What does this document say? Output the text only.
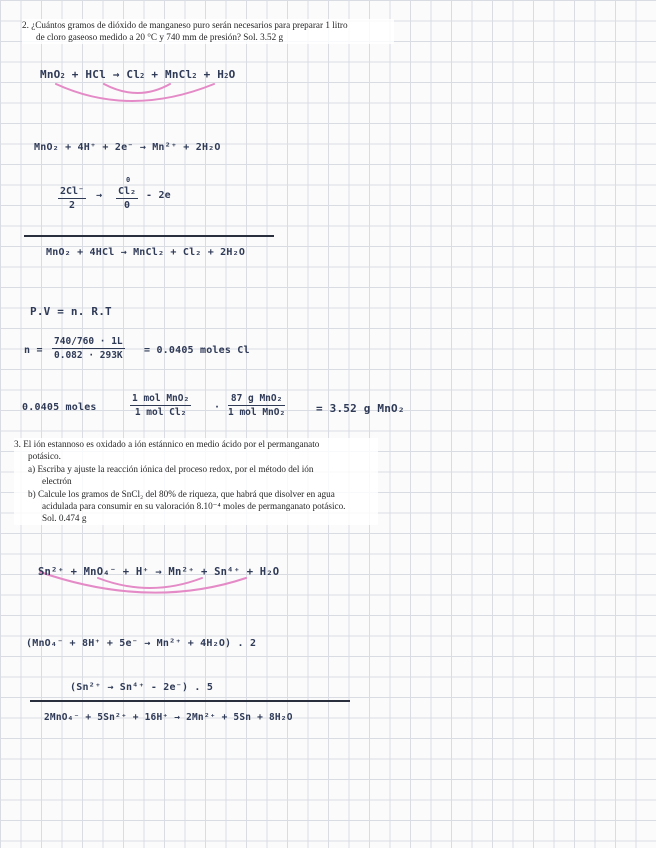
2. ¿Cuántos gramos de dióxido de manganeso puro serán necesarios para preparar 1 litro
de cloro gaseoso medido a 20 °C y 740 mm de presión? Sol. 3.52 g
MnO$_2$ + HCl → $Cl_2$ + MnCl$_2$ + $H_2O$
MnO₂ + 4H⁺ + 2e⁻ → Mn²⁺ + 2H₂O
$\frac{2Cl^-}{2}$ →
0
$\frac{\text{Cl₂}}{0} - 2e$
MnO₂ + 4HCl → MnCl₂ + Cl₂ + 2H₂O
P.V = n. R.T
$n = \frac{740/760 \cdot 1L}{0.082 \cdot 293K} = 0.0405$ moles Cl
0.0405 moles
1 mol MnO₂
1 mol Cl₂	·
87 g MnO₂
1 mol MnO₂	= 3.52 g MnO₂
3. El ión estannoso es oxidado a ión estánnico en medio ácido por el permanganato
potásico.
a) Escriba y ajuste la reacción iónica del proceso redox, por el método del ión
electrón
b) Calcule los gramos de SnCl₂ del 80% de riqueza, que habrá que disolver en agua
acidulada para consumir en su valoración 8.10⁻⁴ moles de permanganato potásico.
Sol. 0.474 g
Sn²⁺ + MnO₄⁻ + H⁺ → Mn²⁺ + Sn⁴⁺ + H₂O
(MnO₄⁻ + 8H⁺ + 5e⁻ → Mn²⁺ + 4H₂O) . 2
(Sn²⁺ → Sn⁴⁺ - 2e⁻) . 5
2MnO₄⁻ + 5Sn²⁺ + 16H⁺ → 2Mn²⁺ + 5Sn + 8H₂O
